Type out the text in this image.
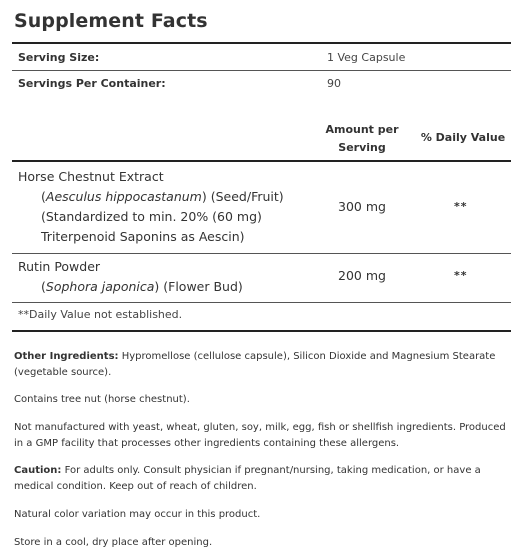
Supplement Facts
Serving Size:	1 Veg Capsule
Servings Per Container:	90
Amount per
Serving
% Daily Value
Horse Chestnut Extract
(Aesculus hippocastanum) (Seed/Fruit)
(Standardized to min. 20% (60 mg)
Triterpenoid Saponins as Aescin)
300 mg	**
Rutin Powder
(Sophora japonica) (Flower Bud)
200 mg	**
**Daily Value not established.
Other Ingredients: Hypromellose (cellulose capsule), Silicon Dioxide and Magnesium Stearate (vegetable source).
Contains tree nut (horse chestnut).
Not manufactured with yeast, wheat, gluten, soy, milk, egg, fish or shellfish ingredients. Produced in a GMP facility that processes other ingredients containing these allergens.
Caution: For adults only. Consult physician if pregnant/nursing, taking medication, or have a medical condition. Keep out of reach of children.
Natural color variation may occur in this product.
Store in a cool, dry place after opening.
